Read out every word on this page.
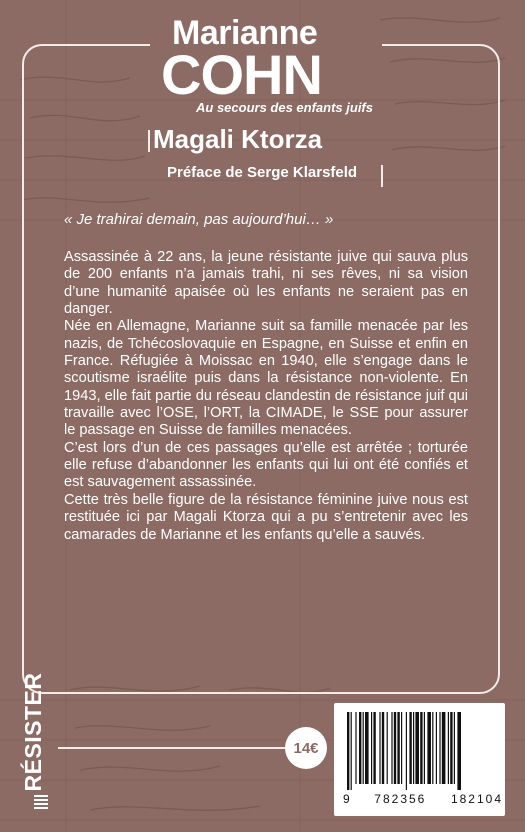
Marianne
COHN
Au secours des enfants juifs
Magali Ktorza
Préface de Serge Klarsfeld
« Je trahirai demain, pas aujourd’hui… »

Assassinée à 22 ans, la jeune résistante juive qui sauva plus de 200 enfants n’a jamais trahi, ni ses rêves, ni sa vision d’une humanité apaisée où les enfants ne seraient pas en danger.

Née en Allemagne, Marianne suit sa famille menacée par les nazis, de Tchécoslovaquie en Espagne, en Suisse et enfin en France. Réfugiée à Moissac en 1940, elle s’engage dans le scoutisme israélite puis dans la résistance non-violente. En 1943, elle fait partie du réseau clandestin de résistance juif qui travaille avec l’OSE, l’ORT, la CIMADE, le SSE pour assurer le passage en Suisse de familles menacées.

C’est lors d’un de ces passages qu’elle est arrêtée ; torturée elle refuse d’abandonner les enfants qui lui ont été confiés et est sauvagement assassinée.

Cette très belle figure de la résistance féminine juive nous est restituée ici par Magali Ktorza qui a pu s’entretenir avec les camarades de Marianne et les enfants qu’elle a sauvés.

RÉSISTER	14€
9 782356 182104
